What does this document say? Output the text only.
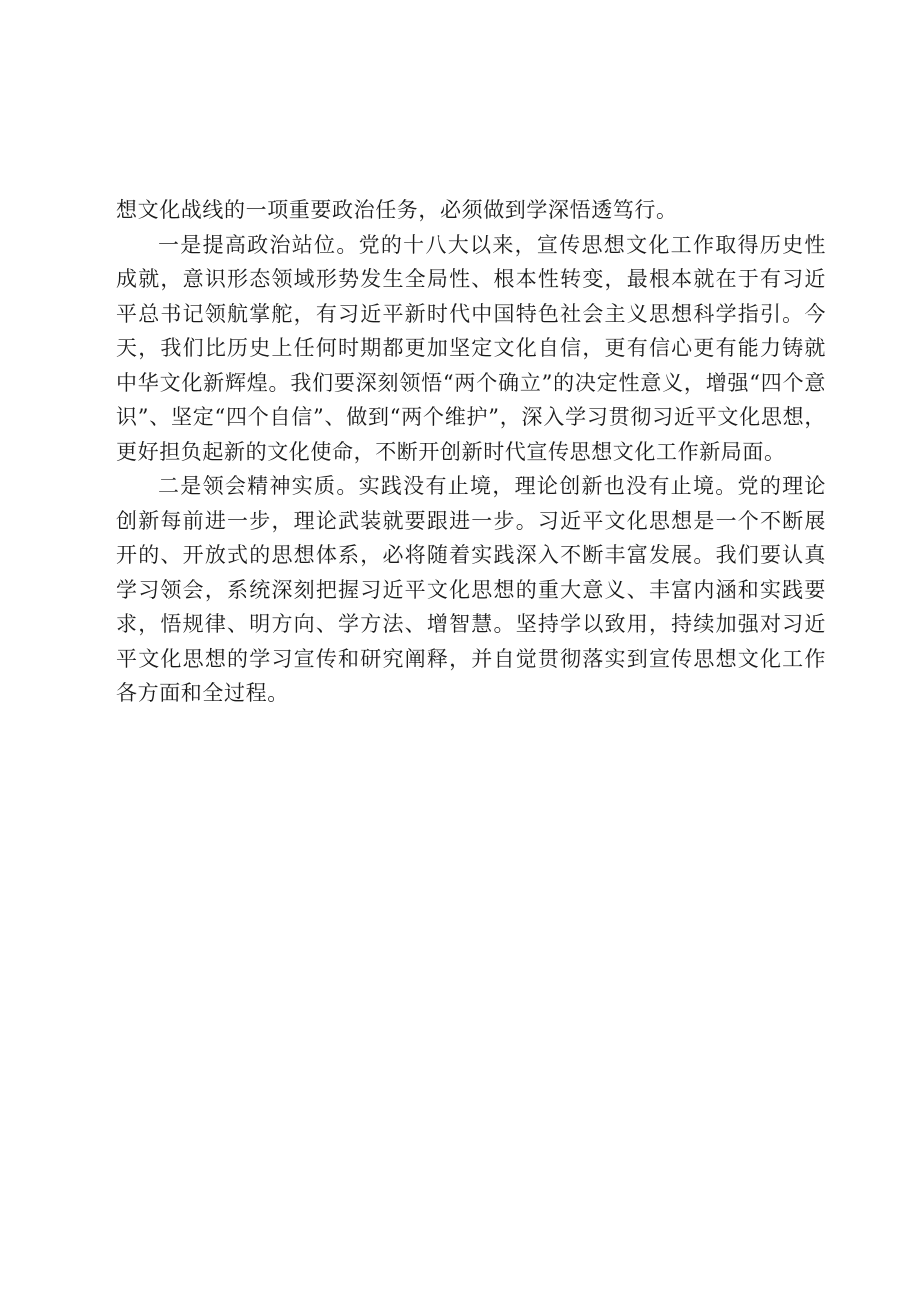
想文化战线的一项重要政治任务，必须做到学深悟透笃行。

一是提高政治站位。党的十八大以来，宣传思想文化工作取得历史性成就，意识形态领域形势发生全局性、根本性转变，最根本就在于有习近平总书记领航掌舵，有习近平新时代中国特色社会主义思想科学指引。今天，我们比历史上任何时期都更加坚定文化自信，更有信心更有能力铸就中华文化新辉煌。我们要深刻领悟“两个确立”的决定性意义，增强“四个意识”、坚定“四个自信”、做到“两个维护”，深入学习贯彻习近平文化思想，更好担负起新的文化使命，不断开创新时代宣传思想文化工作新局面。

二是领会精神实质。实践没有止境，理论创新也没有止境。党的理论创新每前进一步，理论武装就要跟进一步。习近平文化思想是一个不断展开的、开放式的思想体系，必将随着实践深入不断丰富发展。我们要认真学习领会，系统深刻把握习近平文化思想的重大意义、丰富内涵和实践要求，悟规律、明方向、学方法、增智慧。坚持学以致用，持续加强对习近平文化思想的学习宣传和研究阐释，并自觉贯彻落实到宣传思想文化工作各方面和全过程。
